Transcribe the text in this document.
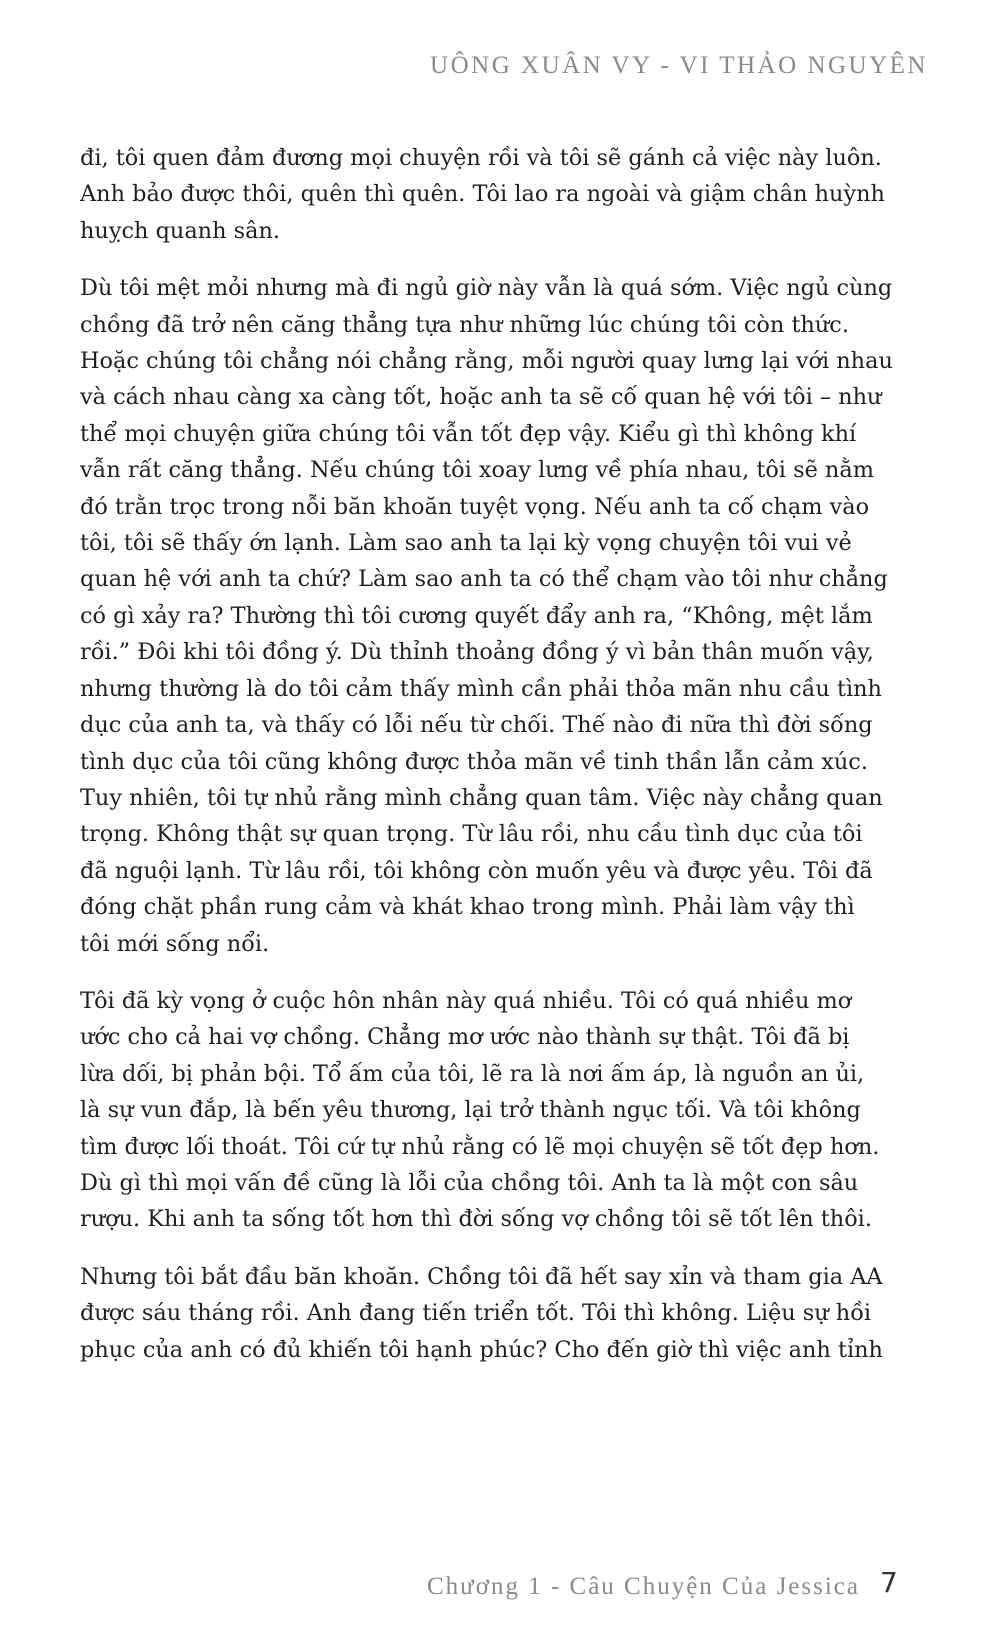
UÔNG XUÂN VY - VI THẢO NGUYÊN
đi, tôi quen đảm đương mọi chuyện rồi và tôi sẽ gánh cả việc này luôn.
Anh bảo được thôi, quên thì quên. Tôi lao ra ngoài và giậm chân huỳnh
huỵch quanh sân.
Dù tôi mệt mỏi nhưng mà đi ngủ giờ này vẫn là quá sớm. Việc ngủ cùng
chồng đã trở nên căng thẳng tựa như những lúc chúng tôi còn thức.
Hoặc chúng tôi chẳng nói chẳng rằng, mỗi người quay lưng lại với nhau
và cách nhau càng xa càng tốt, hoặc anh ta sẽ cố quan hệ với tôi – như
thể mọi chuyện giữa chúng tôi vẫn tốt đẹp vậy. Kiểu gì thì không khí
vẫn rất căng thẳng. Nếu chúng tôi xoay lưng về phía nhau, tôi sẽ nằm
đó trằn trọc trong nỗi băn khoăn tuyệt vọng. Nếu anh ta cố chạm vào
tôi, tôi sẽ thấy ớn lạnh. Làm sao anh ta lại kỳ vọng chuyện tôi vui vẻ
quan hệ với anh ta chứ? Làm sao anh ta có thể chạm vào tôi như chẳng
có gì xảy ra? Thường thì tôi cương quyết đẩy anh ra, “Không, mệt lắm
rồi.” Đôi khi tôi đồng ý. Dù thỉnh thoảng đồng ý vì bản thân muốn vậy,
nhưng thường là do tôi cảm thấy mình cần phải thỏa mãn nhu cầu tình
dục của anh ta, và thấy có lỗi nếu từ chối. Thế nào đi nữa thì đời sống
tình dục của tôi cũng không được thỏa mãn về tinh thần lẫn cảm xúc.
Tuy nhiên, tôi tự nhủ rằng mình chẳng quan tâm. Việc này chẳng quan
trọng. Không thật sự quan trọng. Từ lâu rồi, nhu cầu tình dục của tôi
đã nguội lạnh. Từ lâu rồi, tôi không còn muốn yêu và được yêu. Tôi đã
đóng chặt phần rung cảm và khát khao trong mình. Phải làm vậy thì
tôi mới sống nổi.
Tôi đã kỳ vọng ở cuộc hôn nhân này quá nhiều. Tôi có quá nhiều mơ
ước cho cả hai vợ chồng. Chẳng mơ ước nào thành sự thật. Tôi đã bị
lừa dối, bị phản bội. Tổ ấm của tôi, lẽ ra là nơi ấm áp, là nguồn an ủi,
là sự vun đắp, là bến yêu thương, lại trở thành ngục tối. Và tôi không
tìm được lối thoát. Tôi cứ tự nhủ rằng có lẽ mọi chuyện sẽ tốt đẹp hơn.
Dù gì thì mọi vấn đề cũng là lỗi của chồng tôi. Anh ta là một con sâu
rượu. Khi anh ta sống tốt hơn thì đời sống vợ chồng tôi sẽ tốt lên thôi.
Nhưng tôi bắt đầu băn khoăn. Chồng tôi đã hết say xỉn và tham gia AA
được sáu tháng rồi. Anh đang tiến triển tốt. Tôi thì không. Liệu sự hồi
phục của anh có đủ khiến tôi hạnh phúc? Cho đến giờ thì việc anh tỉnh
Chương 1 - Câu Chuyện Của Jessica 7
